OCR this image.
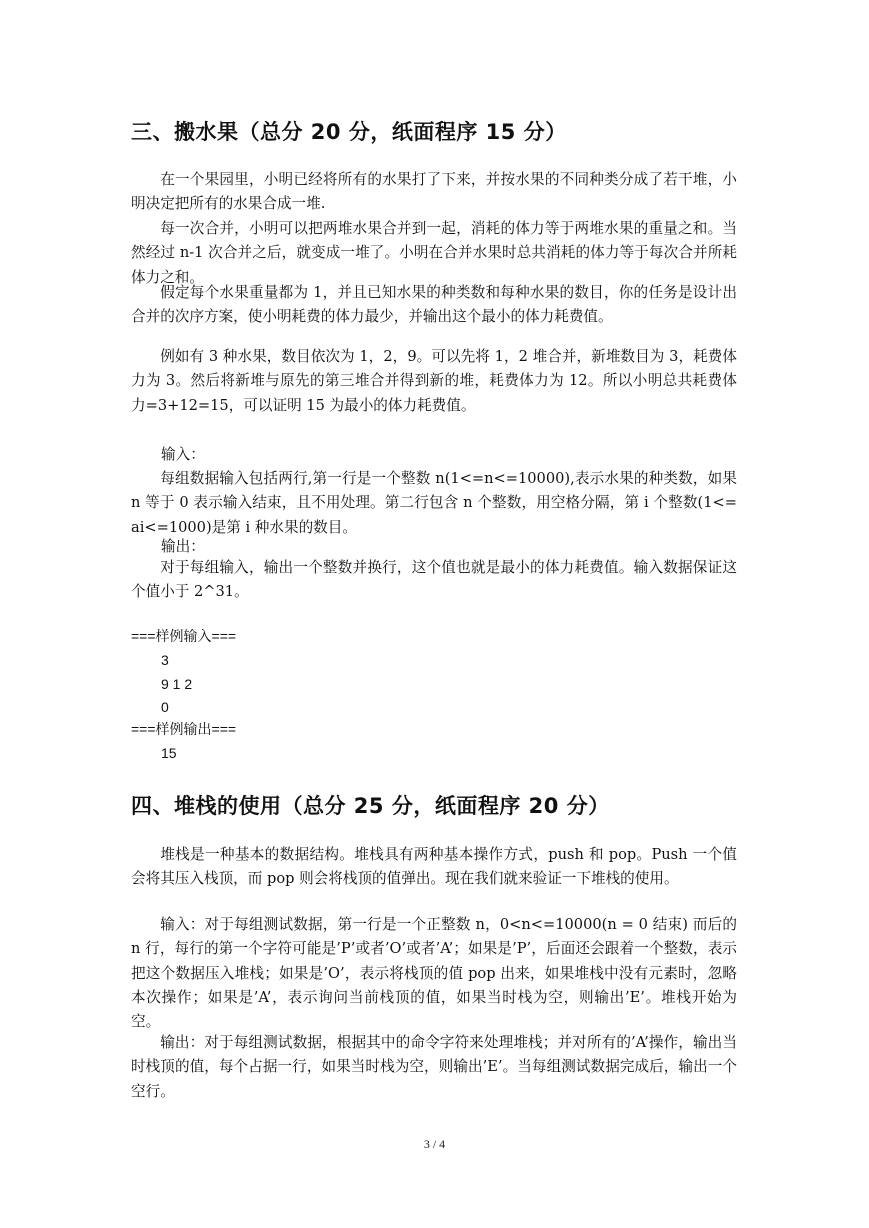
三、搬水果（总分 20 分，纸面程序 15 分）

在一个果园里，小明已经将所有的水果打了下来，并按水果的不同种类分成了若干堆，小明决定把所有的水果合成一堆.

每一次合并，小明可以把两堆水果合并到一起，消耗的体力等于两堆水果的重量之和。当然经过 n-1 次合并之后，就变成一堆了。小明在合并水果时总共消耗的体力等于每次合并所耗体力之和。

假定每个水果重量都为 1，并且已知水果的种类数和每种水果的数目，你的任务是设计出合并的次序方案，使小明耗费的体力最少，并输出这个最小的体力耗费值。

例如有 3 种水果，数目依次为 1，2，9。可以先将 1，2 堆合并，新堆数目为 3，耗费体力为 3。然后将新堆与原先的第三堆合并得到新的堆，耗费体力为 12。所以小明总共耗费体力=3+12=15，可以证明 15 为最小的体力耗费值。

输入：

每组数据输入包括两行,第一行是一个整数 n(1<=n<=10000),表示水果的种类数，如果 n 等于 0 表示输入结束，且不用处理。第二行包含 n 个整数，用空格分隔，第 i 个整数(1<=ai<=1000)是第 i 种水果的数目。

输出：

对于每组输入，输出一个整数并换行，这个值也就是最小的体力耗费值。输入数据保证这个值小于 2^31。

===样例输入===

3

9 1 2

0

===样例输出===

15

四、堆栈的使用（总分 25 分，纸面程序 20 分）

堆栈是一种基本的数据结构。堆栈具有两种基本操作方式，push 和 pop。Push 一个值会将其压入栈顶，而 pop 则会将栈顶的值弹出。现在我们就来验证一下堆栈的使用。

输入：对于每组测试数据，第一行是一个正整数 n，0<n<=10000(n = 0 结束) 而后的 n 行，每行的第一个字符可能是’P’或者’O’或者’A’；如果是’P’，后面还会跟着一个整数，表示把这个数据压入堆栈；如果是’O’，表示将栈顶的值 pop 出来，如果堆栈中没有元素时，忽略本次操作；如果是’A’，表示询问当前栈顶的值，如果当时栈为空，则输出’E’。堆栈开始为空。

输出：对于每组测试数据，根据其中的命令字符来处理堆栈；并对所有的’A’操作，输出当时栈顶的值，每个占据一行，如果当时栈为空，则输出’E’。当每组测试数据完成后，输出一个空行。

3 / 4
